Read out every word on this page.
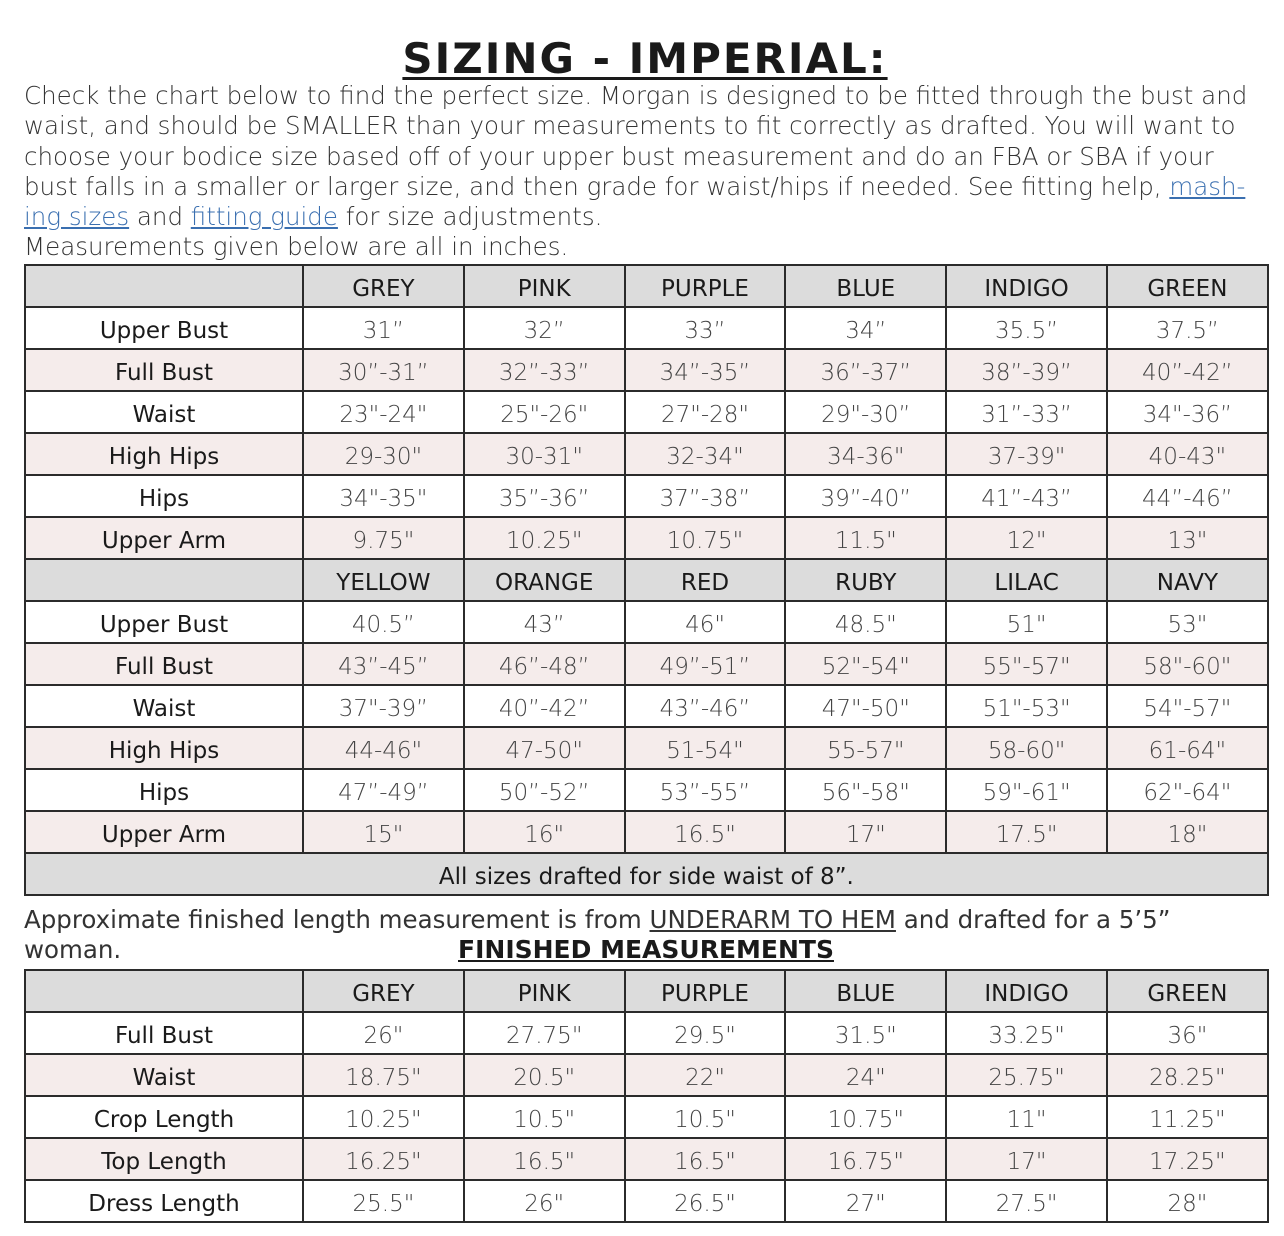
SIZING - IMPERIAL:

Check the chart below to find the perfect size. Morgan is designed to be fitted through the bust and waist, and should be SMALLER than your measurements to fit correctly as drafted. You will want to choose your bodice size based off of your upper bust measurement and do an FBA or SBA if your bust falls in a smaller or larger size, and then grade for waist/hips if needed. See fitting help, mash-ing sizes and fitting guide for size adjustments.

Measurements given below are all in inches.

	GREY	PINK	PURPLE	BLUE	INDIGO	GREEN
Upper Bust	31”	32”	33”	34”	35.5”	37.5”
Full Bust	30”-31”	32”-33”	34”-35”	36”-37”	38”-39”	40”-42”
Waist	23"-24"	25"-26"	27"-28"	29"-30”	31”-33”	34"-36”
High Hips	29-30"	30-31"	32-34"	34-36"	37-39"	40-43"
Hips	34"-35"	35”-36”	37”-38”	39”-40”	41”-43”	44”-46”
Upper Arm	9.75"	10.25"	10.75"	11.5"	12"	13"
	YELLOW	ORANGE	RED	RUBY	LILAC	NAVY
Upper Bust	40.5”	43”	46"	48.5"	51"	53"
Full Bust	43”-45”	46”-48”	49”-51”	52"-54"	55"-57"	58"-60"
Waist	37"-39”	40”-42”	43”-46”	47"-50"	51"-53"	54"-57"
High Hips	44-46"	47-50"	51-54"	55-57"	58-60"	61-64"
Hips	47”-49”	50”-52”	53”-55”	56"-58"	59"-61"	62"-64"
Upper Arm	15"	16"	16.5"	17"	17.5"	18"
All sizes drafted for side waist of 8”.						
Approximate finished length measurement is from UNDERARM TO HEM and drafted for a 5’5” woman.	FINISHED MEASUREMENTS
	GREY	PINK	PURPLE	BLUE	INDIGO	GREEN
Full Bust	26"	27.75"	29.5"	31.5"	33.25"	36"
Waist	18.75"	20.5"	22"	24"	25.75"	28.25"
Crop Length	10.25"	10.5"	10.5"	10.75"	11"	11.25"
Top Length	16.25"	16.5"	16.5"	16.75"	17"	17.25"
Dress Length	25.5"	26"	26.5"	27"	27.5"	28"
